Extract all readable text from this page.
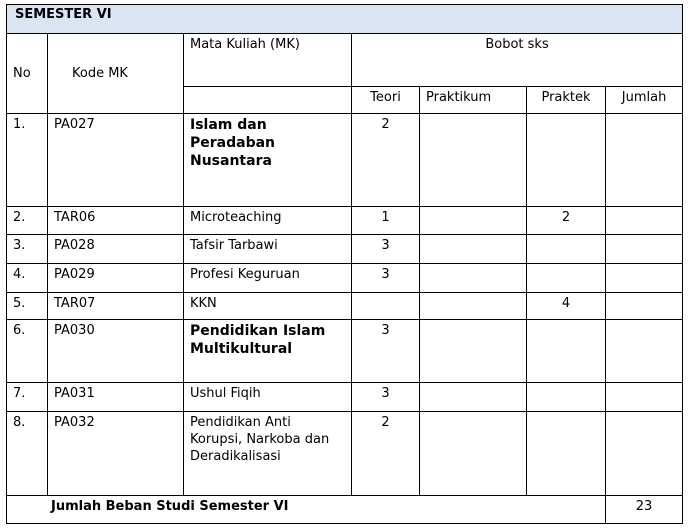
SEMESTER VI						
No	Kode MK	Mata Kuliah (MK)	Bobot sks			
			Teori	Praktikum	Praktek	Jumlah
1.	PA027	Islam dan Peradaban Nusantara	2			
2.	TAR06	Microteaching	1		2	
3.	PA028	Tafsir Tarbawi	3			
4.	PA029	Profesi Keguruan	3			
5.	TAR07	KKN			4	
6.	PA030	Pendidikan Islam Multikultural	3			
7.	PA031	Ushul Fiqih	3			
8.	PA032	Pendidikan Anti Korupsi, Narkoba dan Deradikalisasi	2			
Jumlah Beban Studi Semester VI						23
